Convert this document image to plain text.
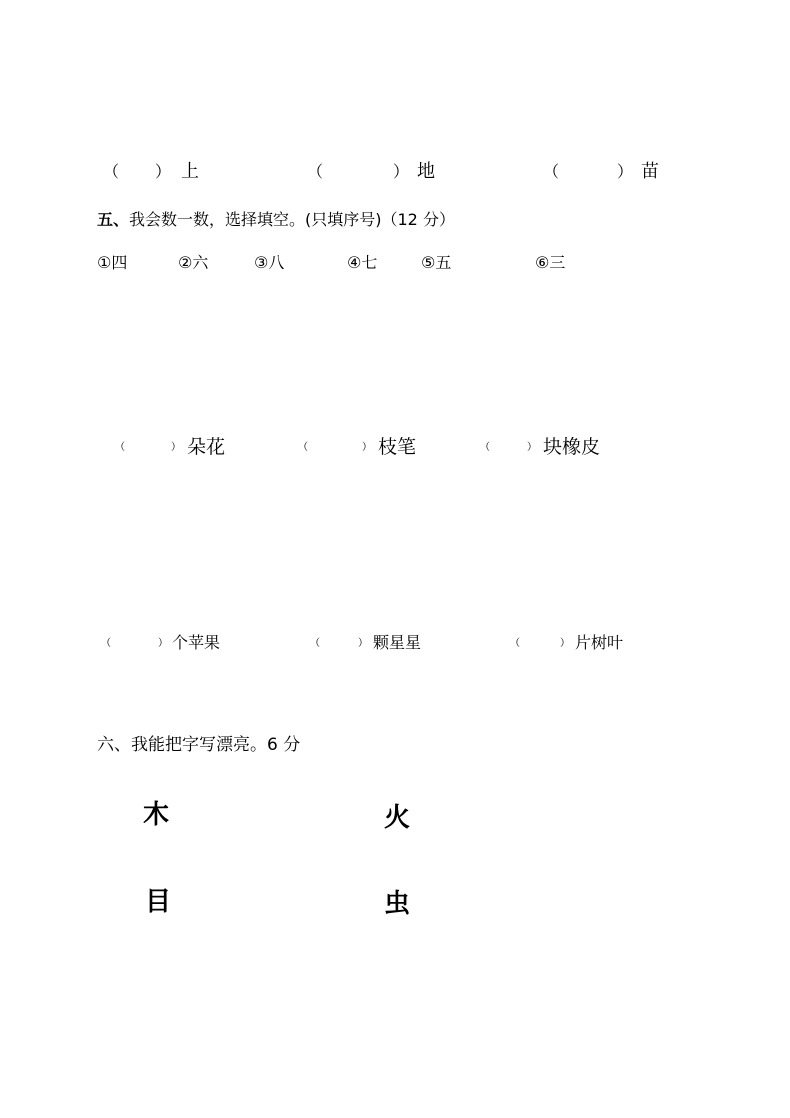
（ ） 上	（	） 地	（	） 苗
五、我会数一数，选择填空。(只填序号)（12 分）
①四	②六	③八	④七	⑤五	⑥三
（	） 朵花	（	） 枝笔	（	） 块橡皮
（	） 个苹果	（	） 颗星星	（	） 片树叶
六、我能把字写漂亮。6 分
木	火
目	虫
